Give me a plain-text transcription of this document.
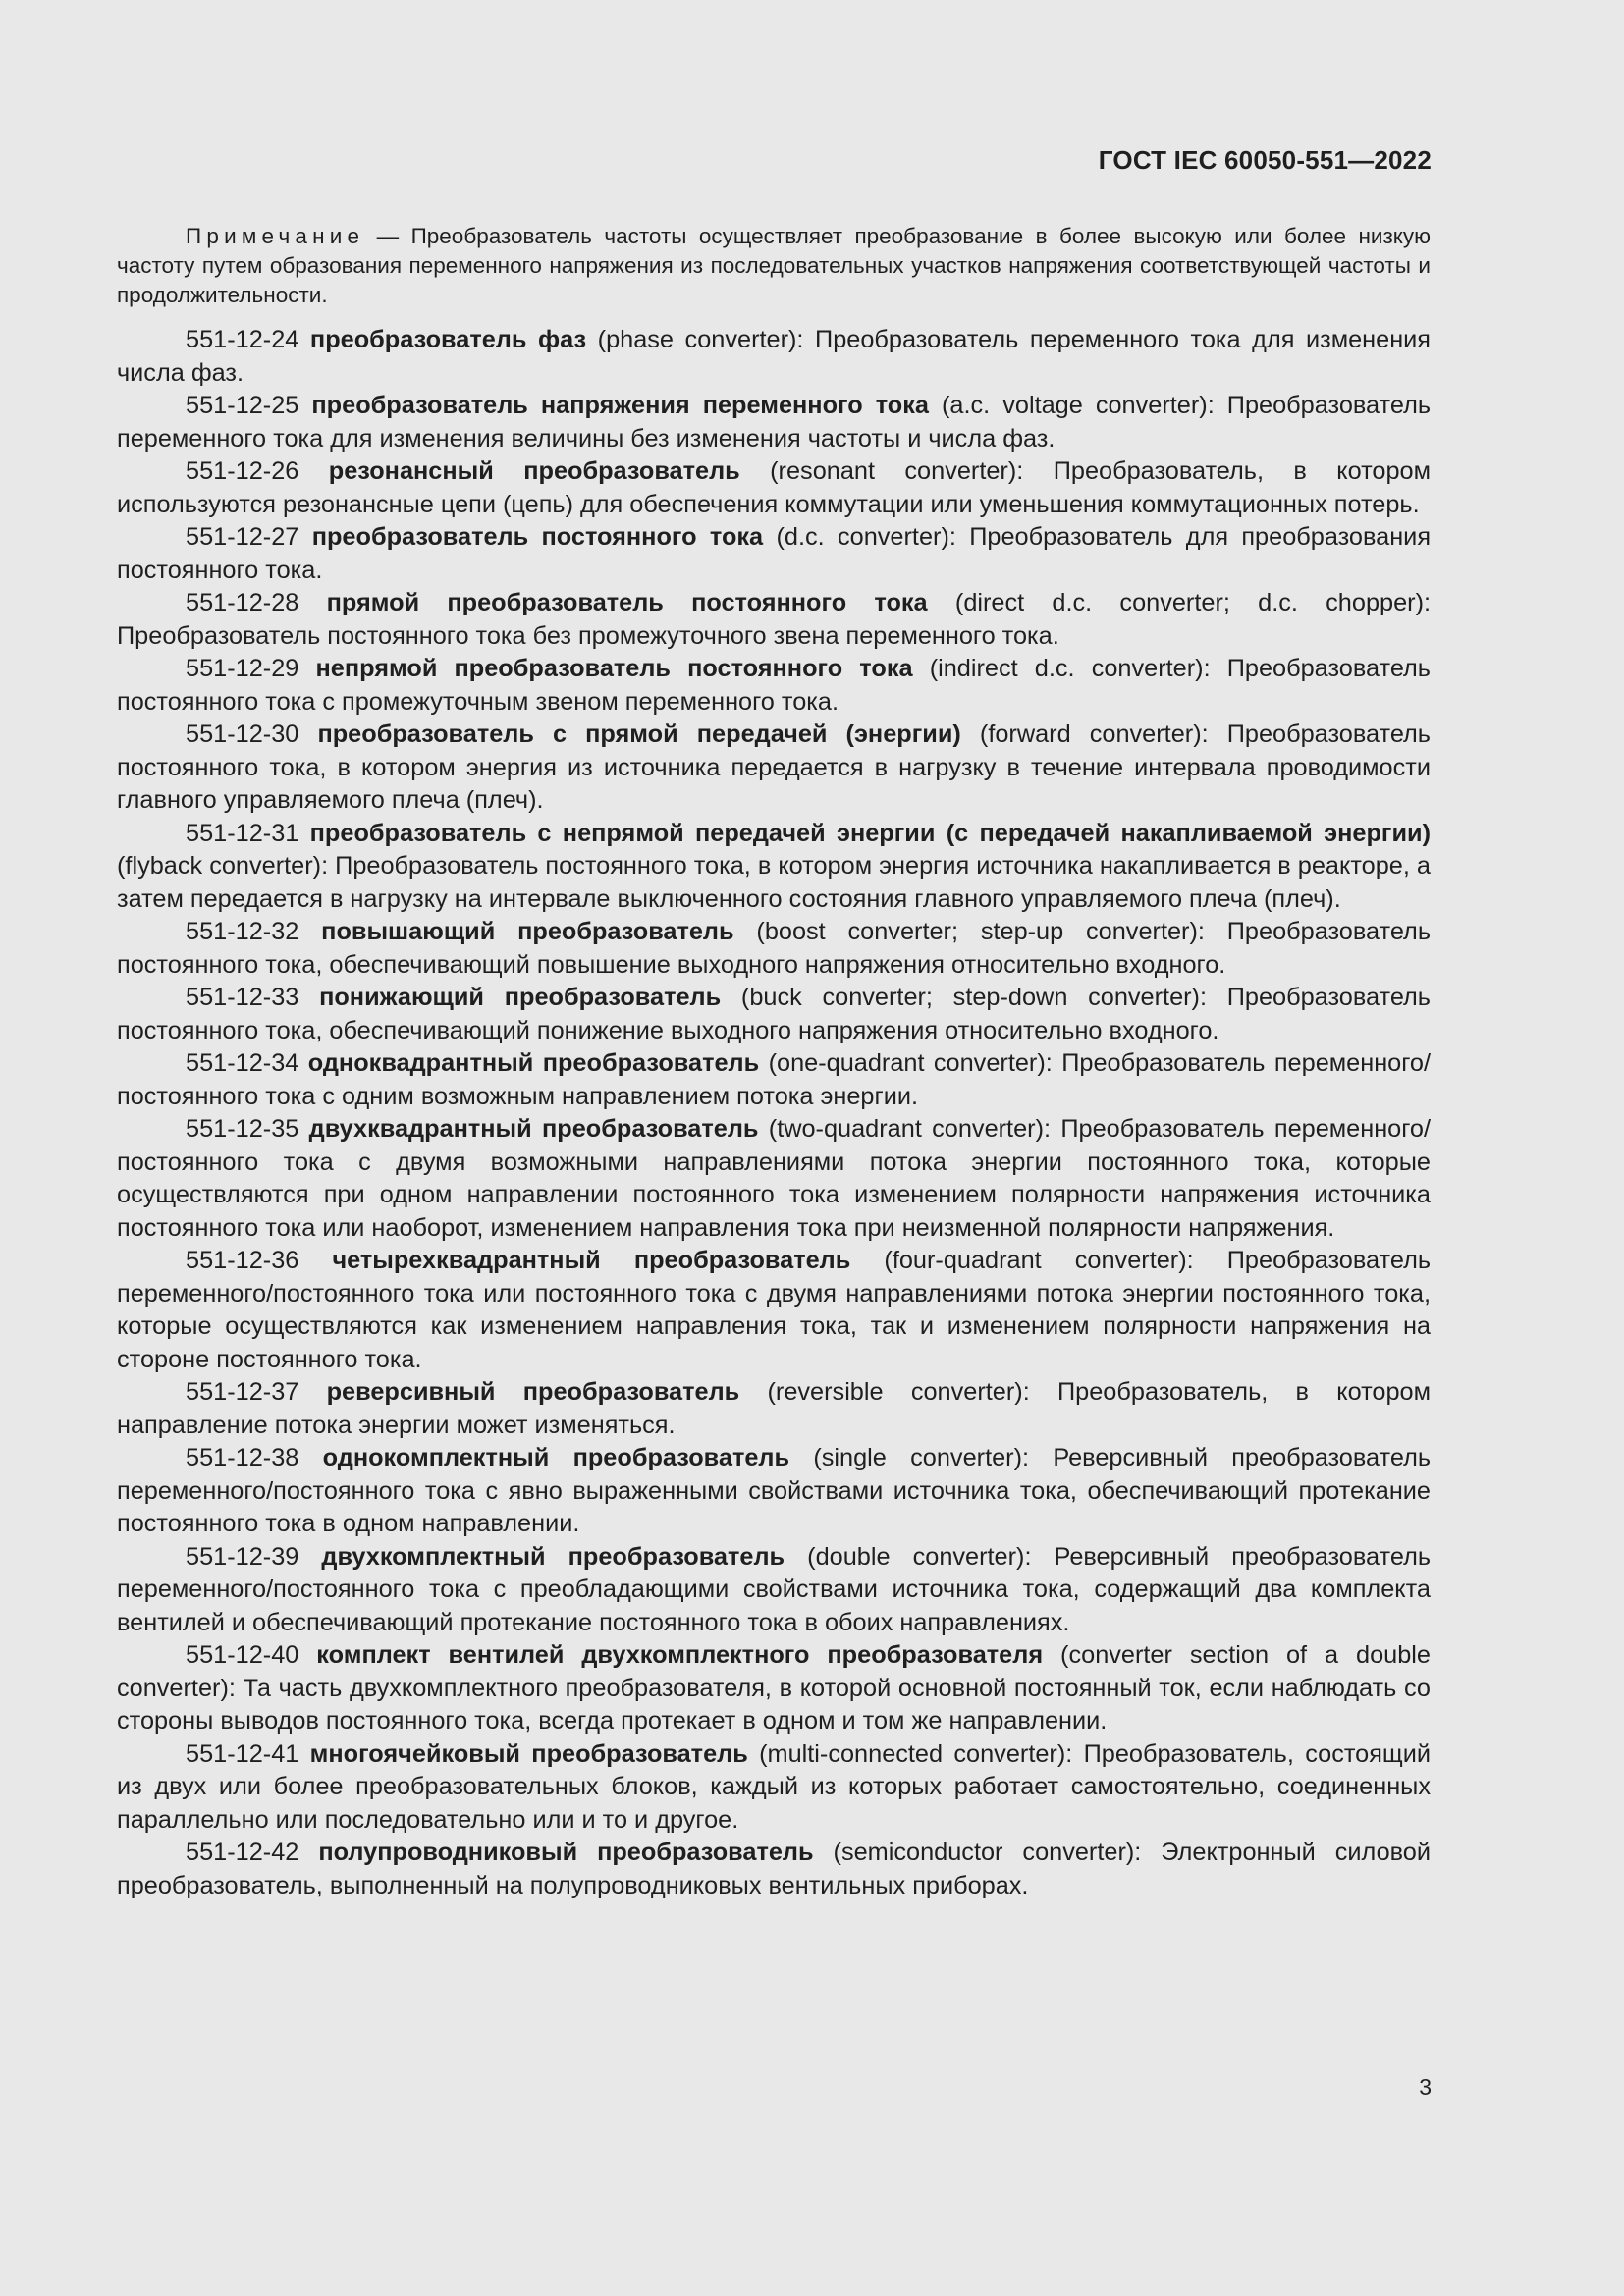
ГОСТ IEC 60050-551—2022

Примечание — Преобразователь частоты осуществляет преобразование в более высокую или более низкую частоту путем образования переменного напряжения из последовательных участков напряжения соответствующей частоты и продолжительности.

551-12-24 преобразователь фаз (phase converter): Преобразователь переменного тока для изменения числа фаз.

551-12-25 преобразователь напряжения переменного тока (a.c. voltage converter): Преобразователь переменного тока для изменения величины без изменения частоты и числа фаз.

551-12-26 резонансный преобразователь (resonant converter): Преобразователь, в котором используются резонансные цепи (цепь) для обеспечения коммутации или уменьшения коммутационных потерь.

551-12-27 преобразователь постоянного тока (d.c. converter): Преобразователь для преобразования постоянного тока.

551-12-28 прямой преобразователь постоянного тока (direct d.c. converter; d.c. chopper): Преобразователь постоянного тока без промежуточного звена переменного тока.

551-12-29 непрямой преобразователь постоянного тока (indirect d.c. converter): Преобразователь постоянного тока с промежуточным звеном переменного тока.

551-12-30 преобразователь с прямой передачей (энергии) (forward converter): Преобразователь постоянного тока, в котором энергия из источника передается в нагрузку в течение интервала проводимости главного управляемого плеча (плеч).

551-12-31 преобразователь с непрямой передачей энергии (с передачей накапливаемой энергии) (flyback converter): Преобразователь постоянного тока, в котором энергия источника накапливается в реакторе, а затем передается в нагрузку на интервале выключенного состояния главного управляемого плеча (плеч).

551-12-32 повышающий преобразователь (boost converter; step-up converter): Преобразователь постоянного тока, обеспечивающий повышение выходного напряжения относительно входного.

551-12-33 понижающий преобразователь (buck converter; step-down converter): Преобразователь постоянного тока, обеспечивающий понижение выходного напряжения относительно входного.

551-12-34 одноквадрантный преобразователь (one-quadrant converter): Преобразователь переменного/постоянного тока с одним возможным направлением потока энергии.

551-12-35 двухквадрантный преобразователь (two-quadrant converter): Преобразователь переменного/постоянного тока с двумя возможными направлениями потока энергии постоянного тока, которые осуществляются при одном направлении постоянного тока изменением полярности напряжения источника постоянного тока или наоборот, изменением направления тока при неизменной полярности напряжения.

551-12-36 четырехквадрантный преобразователь (four-quadrant converter): Преобразователь переменного/постоянного тока или постоянного тока с двумя направлениями потока энергии постоянного тока, которые осуществляются как изменением направления тока, так и изменением полярности напряжения на стороне постоянного тока.

551-12-37 реверсивный преобразователь (reversible converter): Преобразователь, в котором направление потока энергии может изменяться.

551-12-38 однокомплектный преобразователь (single converter): Реверсивный преобразователь переменного/постоянного тока с явно выраженными свойствами источника тока, обеспечивающий протекание постоянного тока в одном направлении.

551-12-39 двухкомплектный преобразователь (double converter): Реверсивный преобразователь переменного/постоянного тока с преобладающими свойствами источника тока, содержащий два комплекта вентилей и обеспечивающий протекание постоянного тока в обоих направлениях.

551-12-40 комплект вентилей двухкомплектного преобразователя (converter section of a double converter): Та часть двухкомплектного преобразователя, в которой основной постоянный ток, если наблюдать со стороны выводов постоянного тока, всегда протекает в одном и том же направлении.

551-12-41 многоячейковый преобразователь (multi-connected converter): Преобразователь, состоящий из двух или более преобразовательных блоков, каждый из которых работает самостоятельно, соединенных параллельно или последовательно или и то и другое.

551-12-42 полупроводниковый преобразователь (semiconductor converter): Электронный силовой преобразователь, выполненный на полупроводниковых вентильных приборах.

3
